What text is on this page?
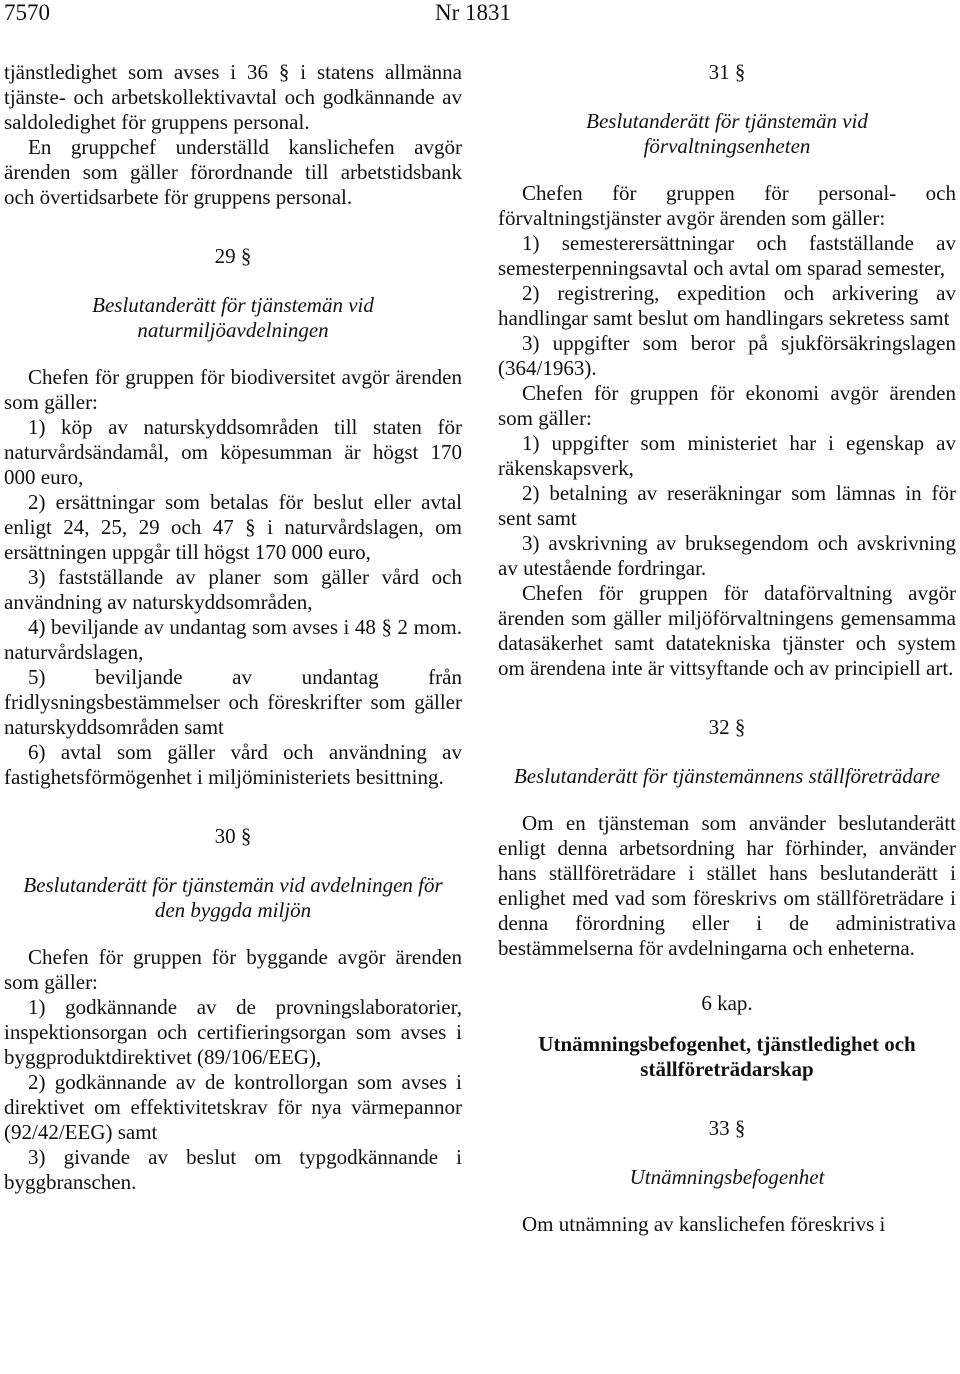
7570	Nr 1831
tjänstledighet som avses i 36 § i statens allmänna tjänste- och arbetskollektivavtal och godkännande av saldoledighet för gruppens personal.
En gruppchef underställd kanslichefen avgör ärenden som gäller förordnande till arbetstidsbank och övertidsarbete för gruppens personal.
29 §
Beslutanderätt för tjänstemän vid naturmiljöavdelningen
Chefen för gruppen för biodiversitet avgör ärenden som gäller:
1) köp av naturskyddsområden till staten för naturvårdsändamål, om köpesumman är högst 170 000 euro,
2) ersättningar som betalas för beslut eller avtal enligt 24, 25, 29 och 47 § i naturvårdslagen, om ersättningen uppgår till högst 170 000 euro,
3) fastställande av planer som gäller vård och användning av naturskyddsområden,
4) beviljande av undantag som avses i 48 § 2 mom. naturvårdslagen,
5) beviljande av undantag från fridlysningsbestämmelser och föreskrifter som gäller naturskyddsområden samt
6) avtal som gäller vård och användning av fastighetsförmögenhet i miljöministeriets besittning.
30 §
Beslutanderätt för tjänstemän vid avdelningen för den byggda miljön
Chefen för gruppen för byggande avgör ärenden som gäller:
1) godkännande av de provningslaboratorier, inspektionsorgan och certifieringsorgan som avses i byggproduktdirektivet (89/106/EEG),
2) godkännande av de kontrollorgan som avses i direktivet om effektivitetskrav för nya värmepannor (92/42/EEG) samt
3) givande av beslut om typgodkännande i byggbranschen.
31 §
Beslutanderätt för tjänstemän vid förvaltningsenheten
Chefen för gruppen för personal- och förvaltningstjänster avgör ärenden som gäller:
1) semesterersättningar och fastställande av semesterpenningsavtal och avtal om sparad semester,
2) registrering, expedition och arkivering av handlingar samt beslut om handlingars sekretess samt
3) uppgifter som beror på sjukförsäkringslagen (364/1963).
Chefen för gruppen för ekonomi avgör ärenden som gäller:
1) uppgifter som ministeriet har i egenskap av räkenskapsverk,
2) betalning av reseräkningar som lämnas in för sent samt
3) avskrivning av bruksegendom och avskrivning av utestående fordringar.
Chefen för gruppen för dataförvaltning avgör ärenden som gäller miljöförvaltningens gemensamma datasäkerhet samt datatekniska tjänster och system om ärendena inte är vittsyftande och av principiell art.
32 §
Beslutanderätt för tjänstemännens ställföreträdare
Om en tjänsteman som använder beslutanderätt enligt denna arbetsordning har förhinder, använder hans ställföreträdare i stället hans beslutanderätt i enlighet med vad som föreskrivs om ställföreträdare i denna förordning eller i de administrativa bestämmelserna för avdelningarna och enheterna.
6 kap.
Utnämningsbefogenhet, tjänstledighet och ställföreträdarskap
33 §
Utnämningsbefogenhet
Om utnämning av kanslichefen föreskrivs i
